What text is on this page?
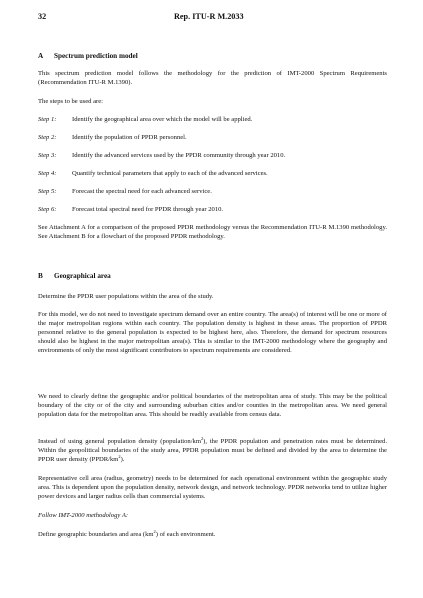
32	Rep. ITU-R M.2033
A Spectrum prediction model

This spectrum prediction model follows the methodology for the prediction of IMT-2000 Spectrum Requirements (Recommendation ITU-R M.1390).

The steps to be used are:

Step 1: Identify the geographical area over which the model will be applied.
Step 2: Identify the population of PPDR personnel.
Step 3: Identify the advanced services used by the PPDR community through year 2010.
Step 4: Quantify technical parameters that apply to each of the advanced services.
Step 5: Forecast the spectral need for each advanced service.
Step 6: Forecast total spectral need for PPDR through year 2010.

See Attachment A for a comparison of the proposed PPDR methodology versus the Recommendation ITU-R M.1390 methodology. See Attachment B for a flowchart of the proposed PPDR methodology.

B Geographical area

Determine the PPDR user populations within the area of the study.

For this model, we do not need to investigate spectrum demand over an entire country. The area(s) of interest will be one or more of the major metropolitan regions within each country. The population density is highest in these areas. The proportion of PPDR personnel relative to the general population is expected to be highest here, also. Therefore, the demand for spectrum resources should also be highest in the major metropolitan area(s). This is similar to the IMT-2000 methodology where the geography and environments of only the most significant contributors to spectrum requirements are considered.

We need to clearly define the geographic and/or political boundaries of the metropolitan area of study. This may be the political boundary of the city or of the city and surrounding suburban cities and/or counties in the metropolitan area. We need general population data for the metropolitan area. This should be readily available from census data.

Instead of using general population density $(population/km^2)$, the PPDR population and penetration rates must be determined. Within the geopolitical boundaries of the study area, PPDR population must be defined and divided by the area to determine the PPDR user density $(PPDR/km^2)$.

Representative cell area (radius, geometry) needs to be determined for each operational environment within the geographic study area. This is dependent upon the population density, network design, and network technology. PPDR networks tend to utilize higher power devices and larger radius cells than commercial systems.

Follow IMT-2000 methodology A:

Define geographic boundaries and area $(km^2)$ of each environment.
